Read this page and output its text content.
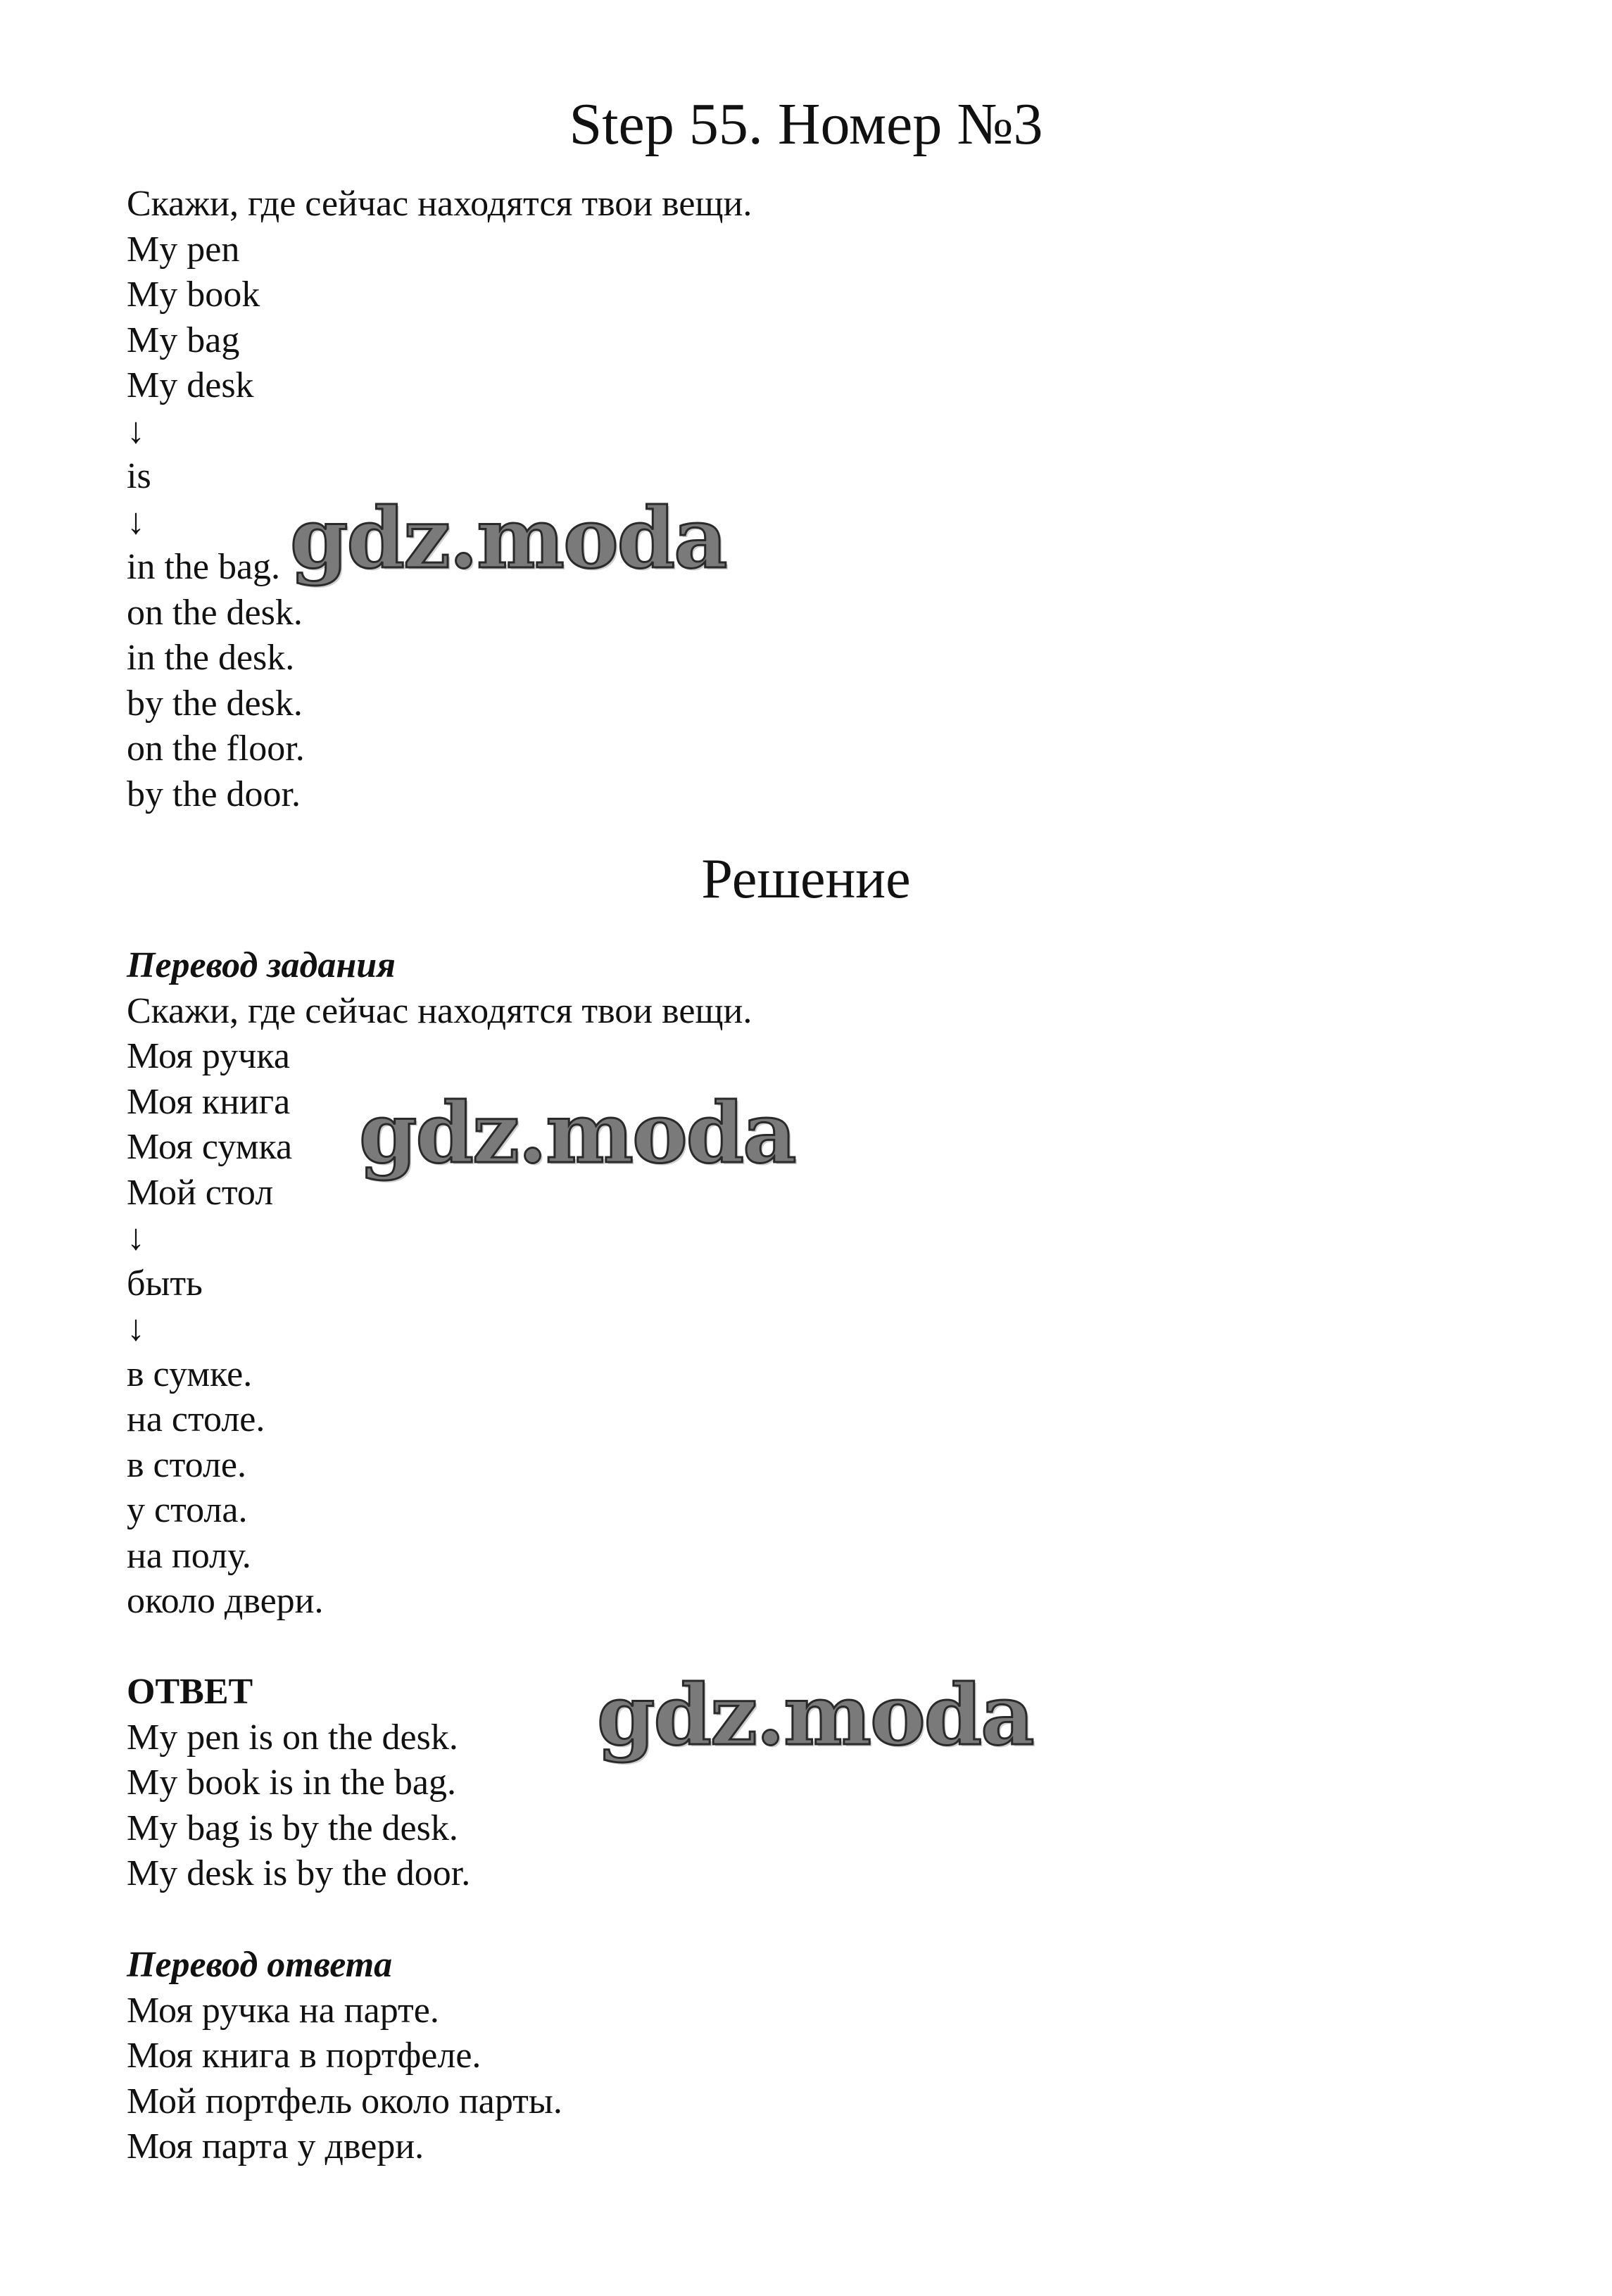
Step 55. Номер №3
Скажи, где сейчас находятся твои вещи.
My pen
My book
My bag
My desk
↓
is
↓
in the bag.
on the desk.
in the desk.
by the desk.
on the floor.
by the door.
Решение
Перевод задания
Скажи, где сейчас находятся твои вещи.
Моя ручка
Моя книга
Моя сумка
Мой стол
↓
быть
↓
в сумке.
на столе.
в столе.
у стола.
на полу.
около двери.
ОТВЕТ
My pen is on the desk.
My book is in the bag.
My bag is by the desk.
My desk is by the door.
Перевод ответа
Моя ручка на парте.
Моя книга в портфеле.
Мой портфель около парты.
Моя парта у двери.
gdz.moda
gdz.moda
gdz.moda
